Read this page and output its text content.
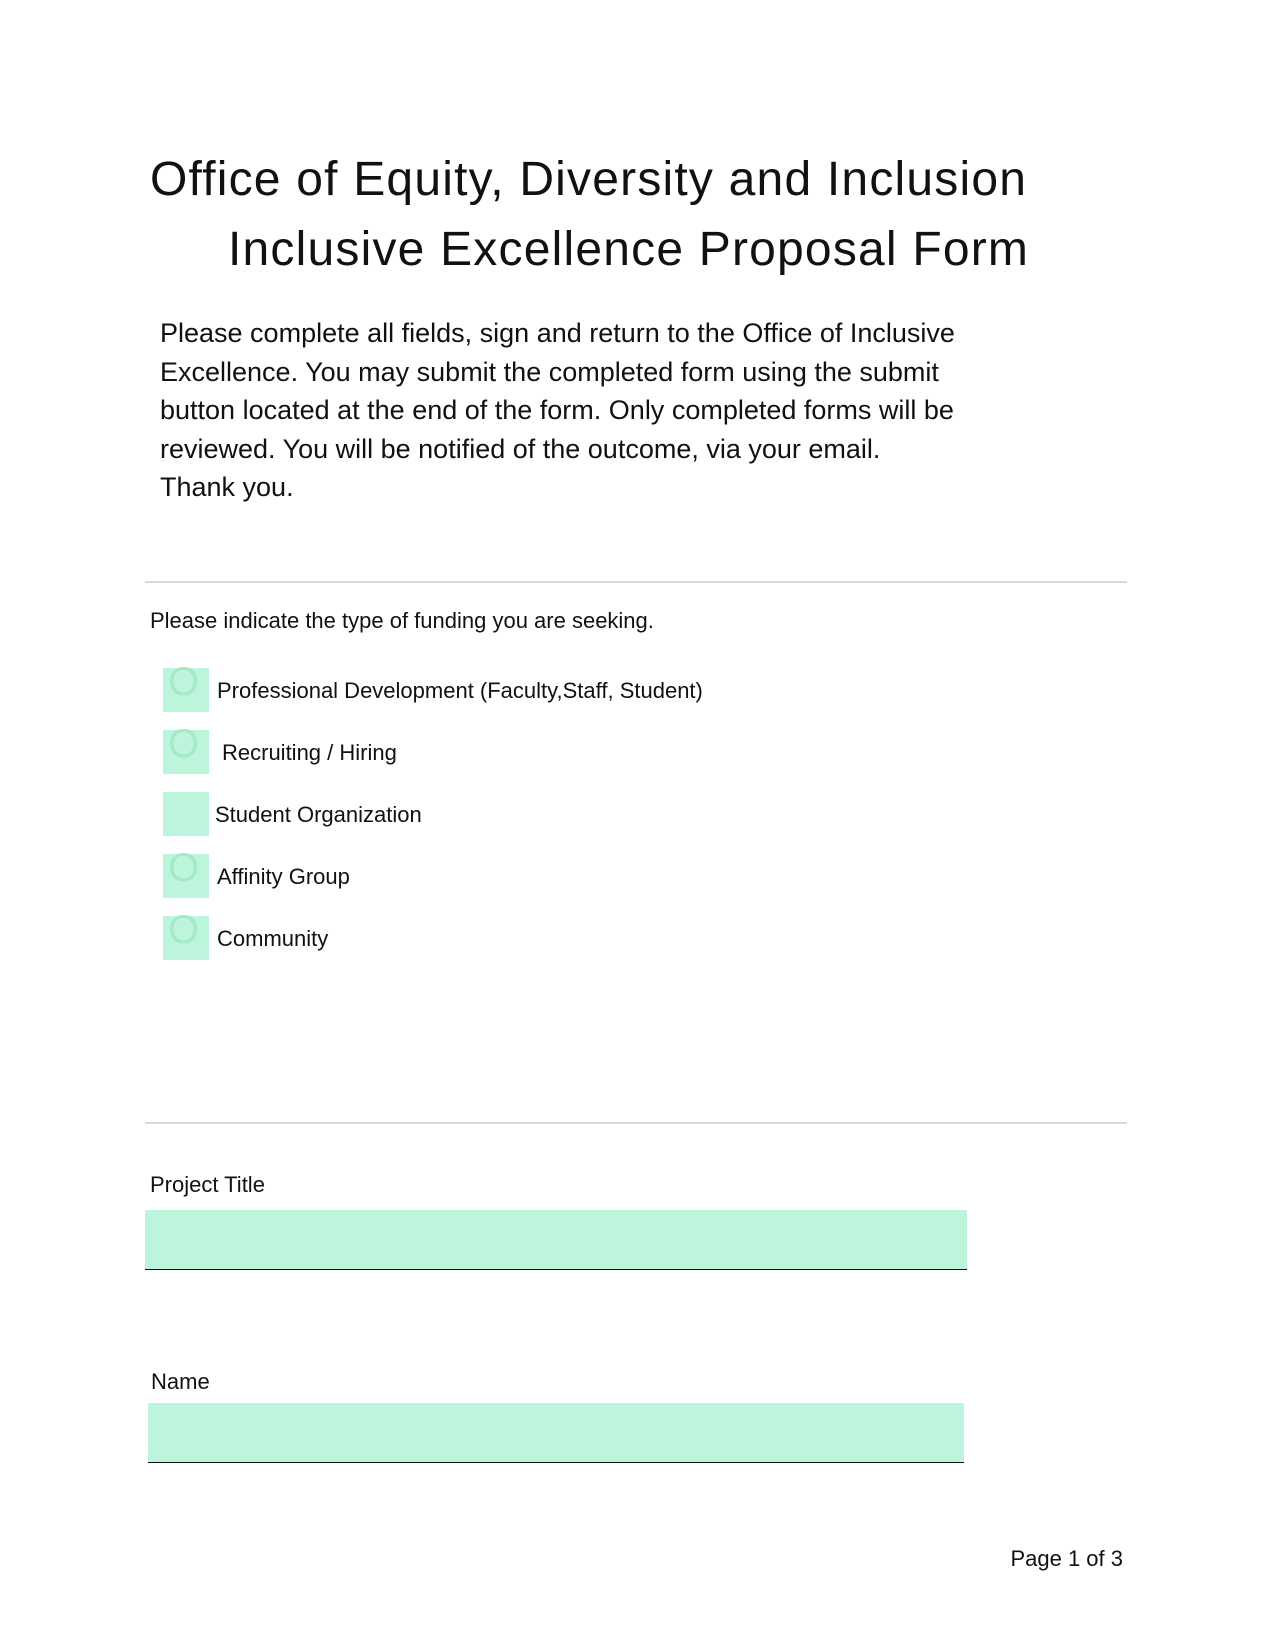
Office of Equity, Diversity and Inclusion
Inclusive Excellence Proposal Form
Please complete all fields, sign and return to the Office of Inclusive
Excellence. You may submit the completed form using the submit
button located at the end of the form. Only completed forms will be
reviewed. You will be notified of the outcome, via your email.
Thank you.
Please indicate the type of funding you are seeking.
O Professional Development (Faculty,Staff, Student)
O Recruiting / Hiring
Student Organization
O Affinity Group
O Community
Project Title
Name
Page 1 of 3
